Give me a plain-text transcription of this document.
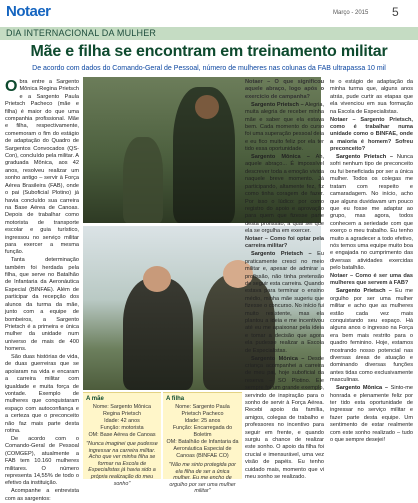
Notaer	Março - 2015 5
DIA INTERNACIONAL DA MULHER
Mãe e filha se encontram em treinamento militar
De acordo com dados do Comando-Geral de Pessoal, número de mulheres nas colunas da FAB ultrapassa 10 mil

Obra entre a Sargento Mônica Regina Prietsch e a Sargento Paula Prietsch Pacheco (mãe e filha) é maior do que uma companhia profissional. Mãe e filha, respectivamente, comemoram o fim do estágio de adaptação do Quadro de Sargentos Convocados (QS-Con), concluído pela militar. A graduada Mônica, aos 42 anos, resolveu realizar um sonho antigo – servir à Força Aérea Brasileira (FAB), onde o pai (Suboficial Plotino) já havia concluído sua carreira na Base Aérea de Canoas. Depois de trabalhar como motorista de transporte escolar e guia turístico, ingressou no serviço militar para exercer a mesma função.

Tanta determinação também foi herdada pela filha, que serve no Batalhão de Infantaria da Aeronáutica Especial (BINFAE). Além de participar da recepção dos alunos da turma da mãe, junto com a equipe de bombeiros, a Sargento Prietsch é a primeira e única mulher da unidade num universo de mais de 400 homens.

São duas histórias de vida, de duas guerreiras que se apoiaram na vida e encaram a carreira militar com igualdade e muita força de vontade. Exemplo de mulheres que conquistaram espaço com autoconfiança e a certeza que o preconceito não faz mais parte desta rotina.

De acordo com o Comando-Geral de Pessoal (COMGEP), atualmente a FAB tem 10.160 mulheres militares. O número representa 14,55% de todo o efetivo da instituição.

Acompanhe a entrevista com as sargentos:

A mãe
Nome: Sargento Mônica Regina Prietsch
Idade: 42 anos
Função: motorista
OM: Base Aérea de Canoas
"Nunca imaginei que pudesse ingressar na carreira militar. Acho que ver minha filha se formar na Escola de Especialistas já havia sido a própria realização do meu sonho"
A filha
Nome: Sargento Paula Prietsch Pacheco
Idade: 25 anos
Função: Encarregada do Boletim
OM: Batalhão de Infantaria da Aeronáutica Especial de Canoas (BINFAE CO)
"Não me sinto protegida por ela filha de ser a única mulher. Eu me encho de orgulho por ser uma mulher militar"

Notaer – O que significou aquele abraço, logo após o exercício de campanha?

Sargento Prietsch – Alegria, muita alegria de receber minha mãe e saber que ela estava bem. Cada momento do curso foi uma superação pessoal dela e eu fico muito feliz por ela ter tido essa oportunidade.

Sargento Mônica – Ah, aquele abraço... É impossível descrever toda a emoção vivida naquele breve momento. Já participando, altamente fez, fiz como tinha coragem de fazer. Por isso o lúdico: por como registro do apoio e aprovação para quem que fizesse parte desta profissão, a qual sei que ela se orgulha em exercer.

Notaer – Como foi optar pela carreira militar?

Sargento Prietsch – Eu praticamente cresci no meio militar e, apesar de admirar a profissão, não tinha pretensão de seguir esta carreira. Quando estava para terminar o ensino médio, minha mãe sugeriu que fizesse o concurso. No início fui muito resistente, mas ela plantou a ideia e me incentivou até eu me apaixonar pela ideia e tomar a decisão que agora ela pudesse realizar a Escola de Especialistas.

Sargento Mônica – Desde criança acompanhei a carreira de meu pai, hoje suboficial da reserva – SO Plotino. Ele sempre foi um grande exemplo, servindo de inspiração para o sonho de servir à Força Aérea. Recebi apoio da família, amigos, colegas de trabalho e professores no incentivo para seguir em frente, e quando surgiu a chance de realizar este sonho. O apoio da filha foi crucial e imensurável, uma vez visão de papéis. Eu tenho cuidado mais, momento que vi meu sonho se realizado.

te o estágio de adaptação da minha turma que, alguns anos atrás, pude curtir as etapas que ela vivenciou em sua formação na Escola de Especialistas.

Notaer – Sargento Prietsch, como é trabalhar numa unidade como o BINFAE, onde a maioria é homem? Sofreu preconceito?

Sargento Prietsch – Nunca sofri nenhum tipo de preconceito ou fui beneficiada por ser a única mulher. Todos os colegas me tratam com respeito e camaradagem. No início, acho que alguns duvidavam um pouco que eu fosse me adaptar ao grupo, mas agora, todos conhecem a seriedade com que exerço o meu trabalho. Eu tenho muito a agradecer a todo efetivo, nós temos uma equipe muito boa e engajada no cumprimento das diversas atividades exercidas pelo batalhão.

Notaer – Como é ser uma das mulheres que servem à FAB?

Sargento Prietsch – Eu me orgulho por ser uma mulher militar e acho que as mulheres estão cada vez mais conquistando seu espaço. Há alguns anos o ingresso na Força era bem mais restrito para o quadro feminino. Hoje, estamos mostrando nosso potencial nas diversas áreas de atuação e dominando diversas funções antes tidas como exclusivamente masculinas.

Sargento Mônica – Sinto-me honrada e plenamente feliz por ter tido esta oportunidade de ingressar no serviço militar e fazer parte desta equipe. Um sentimento de estar realmente com este sonho realizado – tudo o que sempre desejei!
